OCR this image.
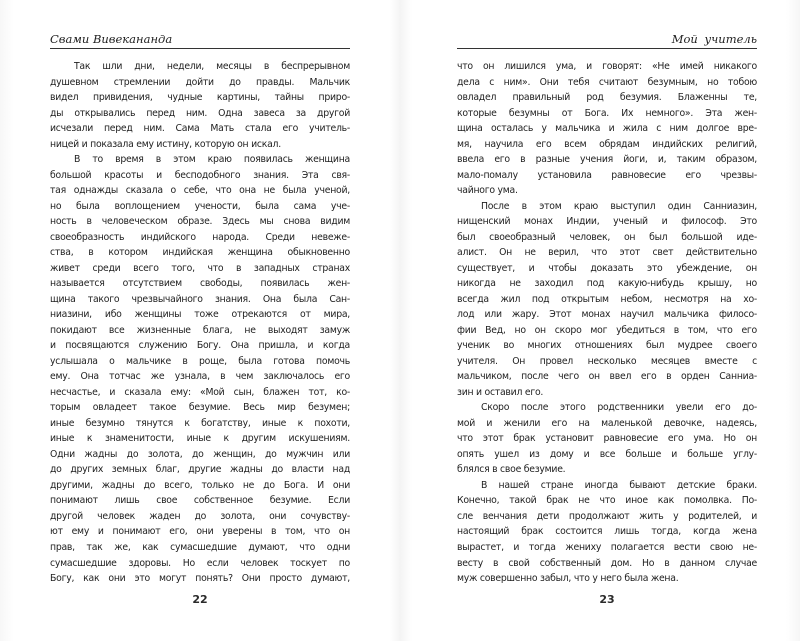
Свами Вивекананда
Так шли дни, недели, месяцы в беспрерывном
душевном стремлении дойти до правды. Мальчик
видел привидения, чудные картины, тайны приро-
ды открывались перед ним. Одна завеса за другой
исчезали перед ним. Сама Мать стала его учитель-
ницей и показала ему истину, которую он искал.
В то время в этом краю появилась женщина
большой красоты и бесподобного знания. Эта свя-
тая однажды сказала о себе, что она не была ученой,
но была воплощением учености, была сама уче-
ность в человеческом образе. Здесь мы снова видим
своеобразность индийского народа. Среди невеже-
ства, в котором индийская женщина обыкновенно
живет среди всего того, что в западных странах
называется отсутствием свободы, появилась жен-
щина такого чрезвычайного знания. Она была Сан-
ниазини, ибо женщины тоже отрекаются от мира,
покидают все жизненные блага, не выходят замуж
и посвящаются служению Богу. Она пришла, и когда
услышала о мальчике в роще, была готова помочь
ему. Она тотчас же узнала, в чем заключалось его
несчастье, и сказала ему: «Мой сын, блажен тот, ко-
торым овладеет такое безумие. Весь мир безумен;
иные безумно тянутся к богатству, иные к похоти,
иные к знаменитости, иные к другим искушениям.
Одни жадны до золота, до женщин, до мужчин или
до других земных благ, другие жадны до власти над
другими, жадны до всего, только не до Бога. И они
понимают лишь свое собственное безумие. Если
другой человек жаден до золота, они сочувству-
ют ему и понимают его, они уверены в том, что он
прав, так же, как сумасшедшие думают, что одни
сумасшедшие здоровы. Но если человек тоскует по
Богу, как они это могут понять? Они просто думают,
22
Мой учитель
что он лишился ума, и говорят: «Не имей никакого
дела с ним». Они тебя считают безумным, но тобою
овладел правильный род безумия. Блаженны те,
которые безумны от Бога. Их немного». Эта жен-
щина осталась у мальчика и жила с ним долгое вре-
мя, научила его всем обрядам индийских религий,
ввела его в разные учения йоги, и, таким образом,
мало-помалу установила равновесие его чрезвы-
чайного ума.
После в этом краю выступил один Санниазин,
нищенский монах Индии, ученый и философ. Это
был своеобразный человек, он был большой иде-
алист. Он не верил, что этот свет действительно
существует, и чтобы доказать это убеждение, он
никогда не заходил под какую-нибудь крышу, но
всегда жил под открытым небом, несмотря на хо-
лод или жару. Этот монах научил мальчика филосо-
фии Вед, но он скоро мог убедиться в том, что его
ученик во многих отношениях был мудрее своего
учителя. Он провел несколько месяцев вместе с
мальчиком, после чего он ввел его в орден Санниа-
зин и оставил его.
Скоро после этого родственники увели его до-
мой и женили его на маленькой девочке, надеясь,
что этот брак установит равновесие его ума. Но он
опять ушел из дому и все больше и больше углу-
блялся в свое безумие.
В нашей стране иногда бывают детские браки.
Конечно, такой брак не что иное как помолвка. По-
сле венчания дети продолжают жить у родителей, и
настоящий брак состоится лишь тогда, когда жена
вырастет, и тогда жениху полагается вести свою не-
весту в свой собственный дом. Но в данном случае
муж совершенно забыл, что у него была жена.
23
